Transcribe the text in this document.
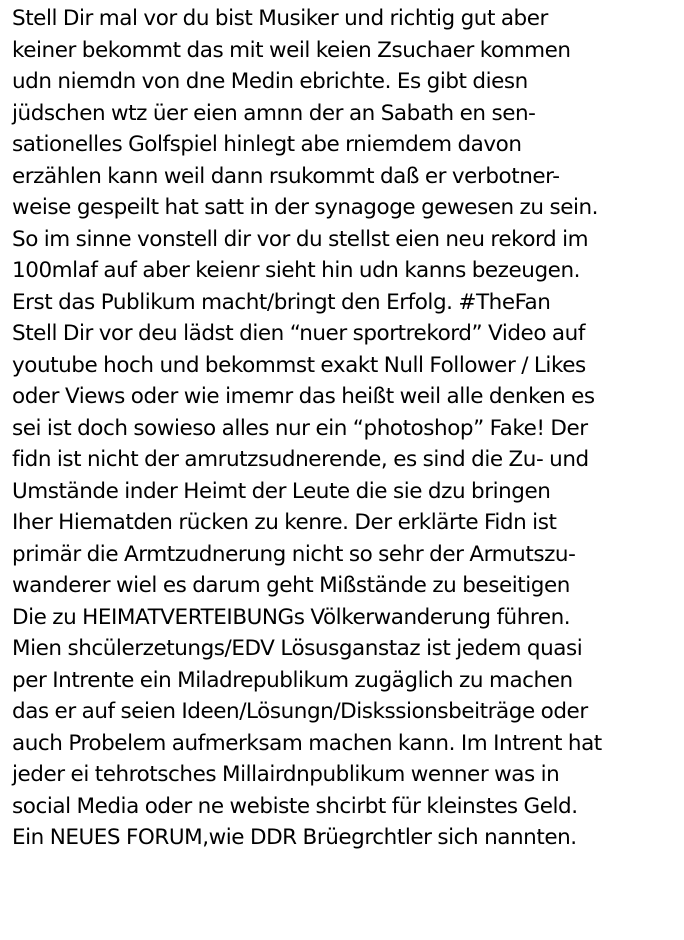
Stell Dir mal vor du bist Musiker und richtig gut aber
keiner bekommt das mit weil keien Zsuchaer kommen
udn niemdn von dne Medin ebrichte. Es gibt diesn
jüdschen wtz üer eien amnn der an Sabath en sen-
sationelles Golfspiel hinlegt abe rniemdem davon
erzählen kann weil dann rsukommt daß er verbotner-
weise gespeilt hat satt in der synagoge gewesen zu sein.
So im sinne vonstell dir vor du stellst eien neu rekord im
100mlaf auf aber keienr sieht hin udn kanns bezeugen.
Erst das Publikum macht/bringt den Erfolg. #TheFan
Stell Dir vor deu lädst dien “nuer sportrekord” Video auf
youtube hoch und bekommst exakt Null Follower / Likes
oder Views oder wie imemr das heißt weil alle denken es
sei ist doch sowieso alles nur ein “photoshop” Fake! Der
fidn ist nicht der amrutzsudnerende, es sind die Zu- und
Umstände inder Heimt der Leute die sie dzu bringen
Iher Hiematden rücken zu kenre. Der erklärte Fidn ist
primär die Armtzudnerung nicht so sehr der Armutszu-
wanderer wiel es darum geht Mißstände zu beseitigen
Die zu HEIMATVERTEIBUNGs Völkerwanderung führen.
Mien shcülerzetungs/EDV Lösusganstaz ist jedem quasi
per Intrente ein Miladrepublikum zugäglich zu machen
das er auf seien Ideen/Lösungn/Diskssionsbeiträge oder
auch Probelem aufmerksam machen kann. Im Intrent hat
jeder ei tehrotsches Millairdnpublikum wenner was in
social Media oder ne webiste shcirbt für kleinstes Geld.
Ein NEUES FORUM,wie DDR Brüegrchtler sich nannten.
